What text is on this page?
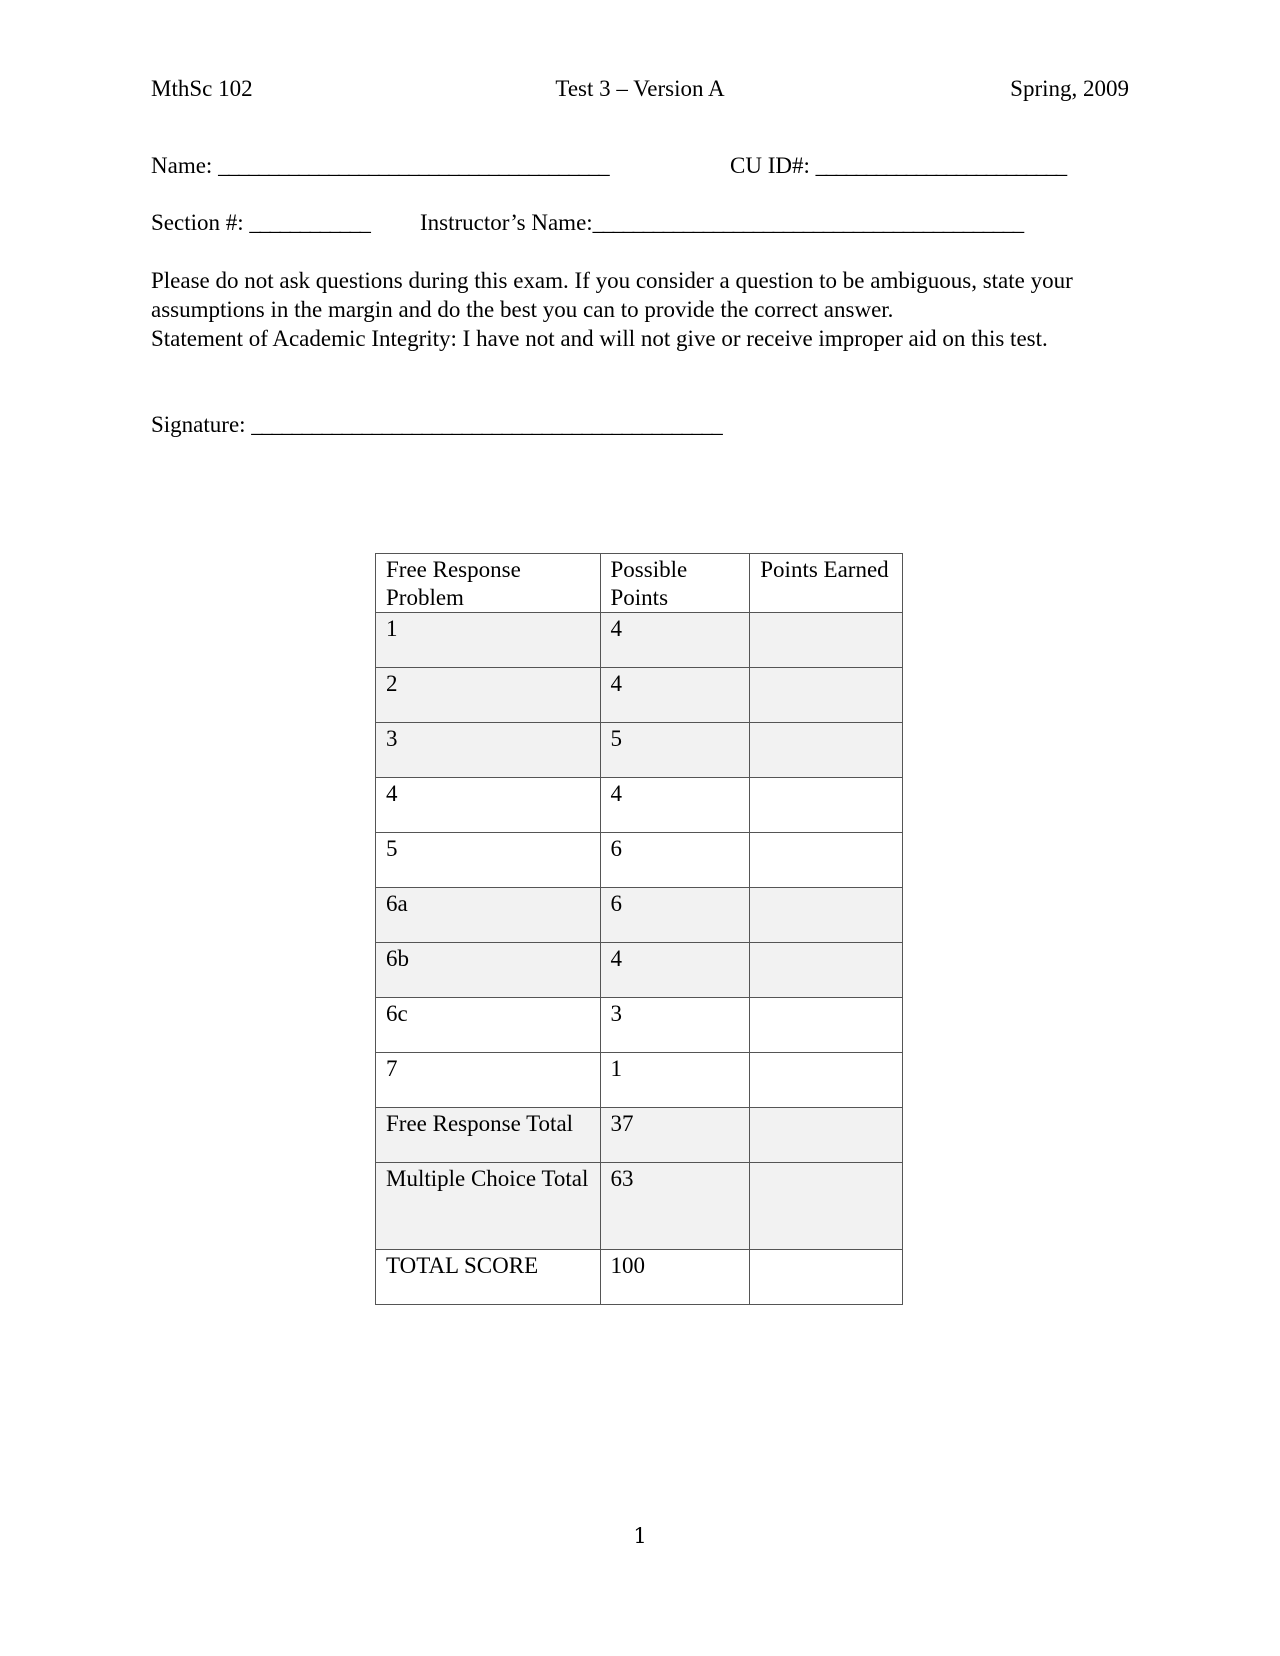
MthSc 102	Test 3 – Version A	Spring, 2009
Name: _______________________________________	CU ID#: _________________________
Section #: ____________ Instructor’s Name:___________________________________________

Please do not ask questions during this exam. If you consider a question to be ambiguous, state your assumptions in the margin and do the best you can to provide the correct answer.

Statement of Academic Integrity: I have not and will not give or receive improper aid on this test.

Signature: _______________________________________________
Free Response Problem	Possible Points	Points Earned
1	4	
2	4	
3	5	
4	4	
5	6	
6a	6	
6b	4	
6c	3	
7	1	
Free Response Total	37	
Multiple Choice Total	63	
TOTAL SCORE	100	
1
